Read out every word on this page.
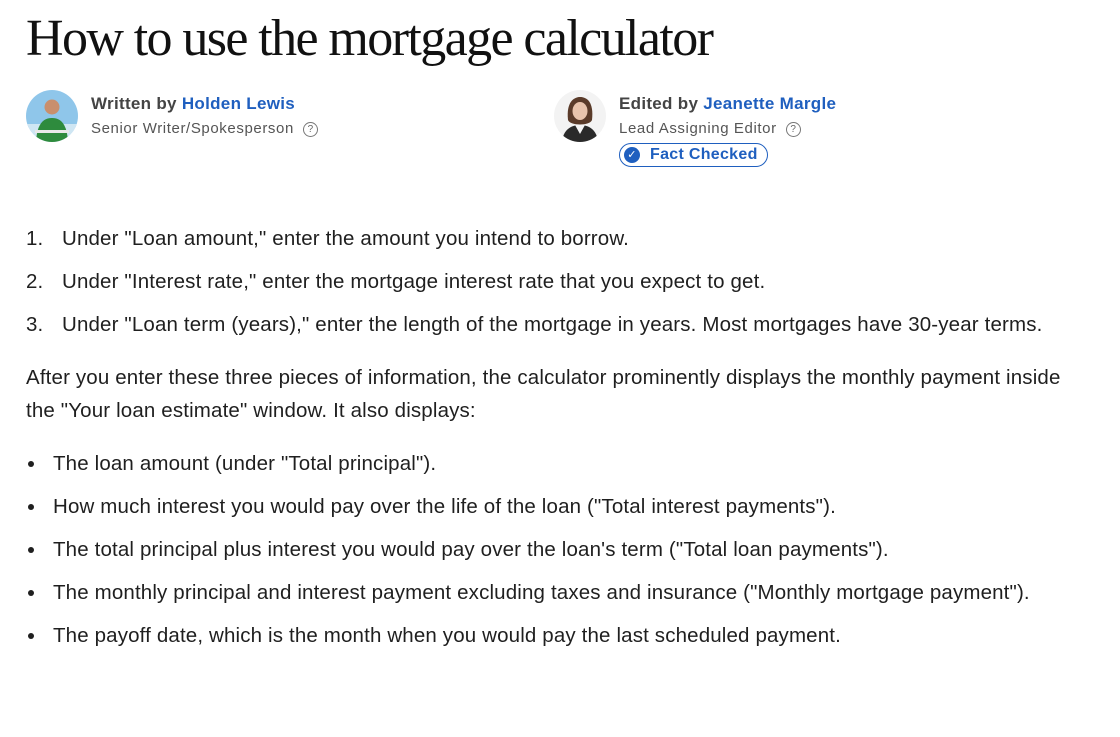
How to use the mortgage calculator
Written by Holden Lewis
Senior Writer/Spokesperson	?
Edited by Jeanette Margle
Lead Assigning Editor	?
✓ Fact Checked
1. Under "Loan amount," enter the amount you intend to borrow.
2. Under "Interest rate," enter the mortgage interest rate that you expect to get.
3. Under "Loan term (years)," enter the length of the mortgage in years. Most mortgages have 30-year terms.

After you enter these three pieces of information, the calculator prominently displays the monthly payment inside the "Your loan estimate" window. It also displays:

The loan amount (under "Total principal").
How much interest you would pay over the life of the loan ("Total interest payments").
The total principal plus interest you would pay over the loan's term ("Total loan payments").
The monthly principal and interest payment excluding taxes and insurance ("Monthly mortgage payment").
The payoff date, which is the month when you would pay the last scheduled payment.
